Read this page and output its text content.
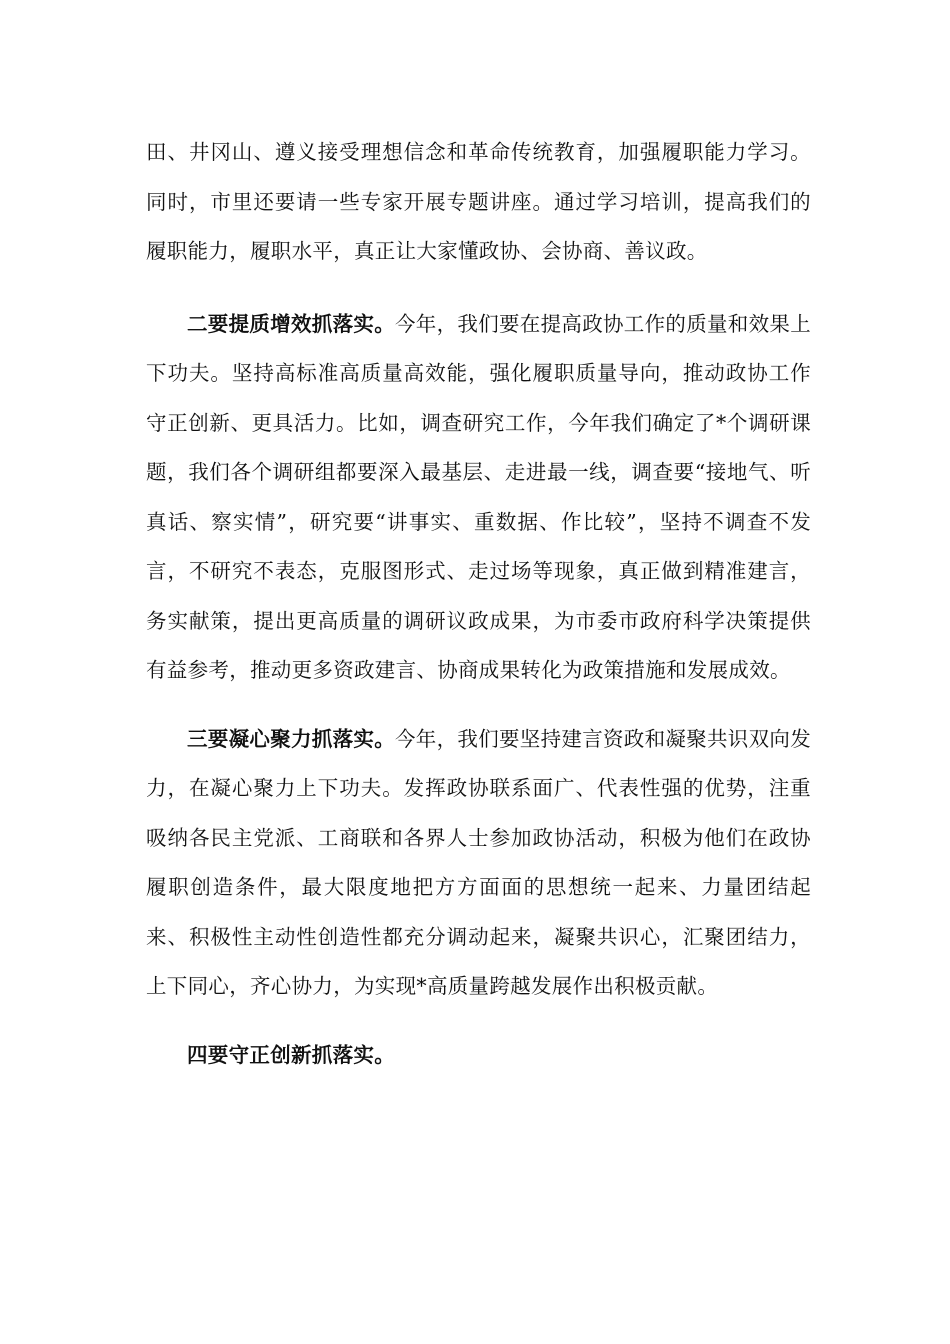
田、井冈山、遵义接受理想信念和革命传统教育，加强履职能力学习。同时，市里还要请一些专家开展专题讲座。通过学习培训，提高我们的履职能力，履职水平，真正让大家懂政协、会协商、善议政。

二要提质增效抓落实。今年，我们要在提高政协工作的质量和效果上下功夫。坚持高标准高质量高效能，强化履职质量导向，推动政协工作守正创新、更具活力。比如，调查研究工作，今年我们确定了*个调研课题，我们各个调研组都要深入最基层、走进最一线，调查要“接地气、听真话、察实情”，研究要“讲事实、重数据、作比较”，坚持不调查不发言，不研究不表态，克服图形式、走过场等现象，真正做到精准建言，务实献策，提出更高质量的调研议政成果，为市委市政府科学决策提供有益参考，推动更多资政建言、协商成果转化为政策措施和发展成效。

三要凝心聚力抓落实。今年，我们要坚持建言资政和凝聚共识双向发力，在凝心聚力上下功夫。发挥政协联系面广、代表性强的优势，注重吸纳各民主党派、工商联和各界人士参加政协活动，积极为他们在政协履职创造条件，最大限度地把方方面面的思想统一起来、力量团结起来、积极性主动性创造性都充分调动起来，凝聚共识心，汇聚团结力，上下同心，齐心协力，为实现*高质量跨越发展作出积极贡献。

四要守正创新抓落实。
